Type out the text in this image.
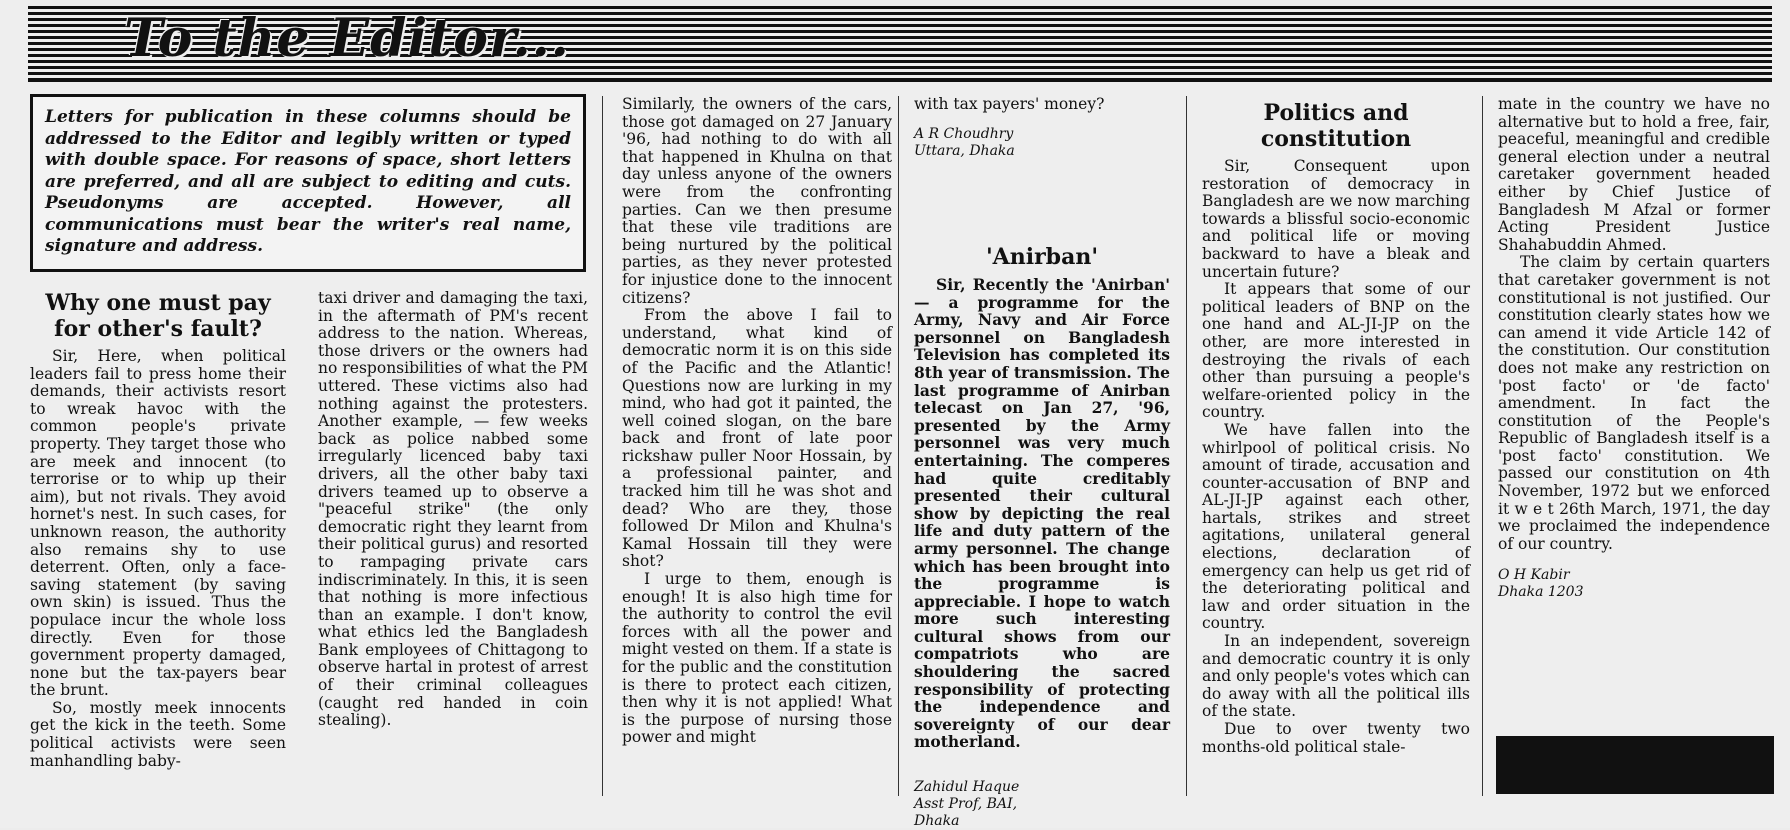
To the Editor...
Letters for publication in these columns should be addressed to the Editor and legibly written or typed with double space. For reasons of space, short letters are preferred, and all are subject to editing and cuts. Pseudonyms are accepted. However, all communications must bear the writer's real name, signature and address.
Why one must pay for other's fault?

Sir, Here, when political leaders fail to press home their demands, their activists resort to wreak havoc with the common people's private property. They target those who are meek and innocent (to terrorise or to whip up their aim), but not rivals. They avoid hornet's nest. In such cases, for unknown reason, the authority also remains shy to use deterrent. Often, only a face-saving statement (by saving own skin) is issued. Thus the populace incur the whole loss directly. Even for those government property damaged, none but the tax-payers bear the brunt.

So, mostly meek innocents get the kick in the teeth. Some political activists were seen manhandling baby-

taxi driver and damaging the taxi, in the aftermath of PM's recent address to the nation. Whereas, those drivers or the owners had no responsibilities of what the PM uttered. These victims also had nothing against the protesters. Another example, — few weeks back as police nabbed some irregularly licenced baby taxi drivers, all the other baby taxi drivers teamed up to observe a "peaceful strike" (the only democratic right they learnt from their political gurus) and resorted to rampaging private cars indiscriminately. In this, it is seen that nothing is more infectious than an example. I don't know, what ethics led the Bangladesh Bank employees of Chittagong to observe hartal in protest of arrest of their criminal colleagues (caught red handed in coin stealing).

Similarly, the owners of the cars, those got damaged on 27 January '96, had nothing to do with all that happened in Khulna on that day unless anyone of the owners were from the confronting parties. Can we then presume that these vile traditions are being nurtured by the political parties, as they never protested for injustice done to the innocent citizens?

From the above I fail to understand, what kind of democratic norm it is on this side of the Pacific and the Atlantic! Questions now are lurking in my mind, who had got it painted, the well coined slogan, on the bare back and front of late poor rickshaw puller Noor Hossain, by a professional painter, and tracked him till he was shot and dead? Who are they, those followed Dr Milon and Khulna's Kamal Hossain till they were shot?

I urge to them, enough is enough! It is also high time for the authority to control the evil forces with all the power and might vested on them. If a state is for the public and the constitution is there to protect each citizen, then why it is not applied! What is the purpose of nursing those power and might

with tax payers' money?

A R Choudhry
Uttara, Dhaka
'Anirban'

Sir, Recently the 'Anirban' — a programme for the Army, Navy and Air Force personnel on Bangladesh Television has completed its 8th year of transmission. The last programme of Anirban telecast on Jan 27, '96, presented by the Army personnel was very much entertaining. The comperes had quite creditably presented their cultural show by depicting the real life and duty pattern of the army personnel. The change which has been brought into the programme is appreciable. I hope to watch more such interesting cultural shows from our compatriots who are shouldering the sacred responsibility of protecting the independence and sovereignty of our dear motherland.

Zahidul Haque
Asst Prof, BAI,
Dhaka
Politics and constitution

Sir, Consequent upon restoration of democracy in Bangladesh are we now marching towards a blissful socio-economic and political life or moving backward to have a bleak and uncertain future?

It appears that some of our political leaders of BNP on the one hand and AL-JI-JP on the other, are more interested in destroying the rivals of each other than pursuing a people's welfare-oriented policy in the country.

We have fallen into the whirlpool of political crisis. No amount of tirade, accusation and counter-accusation of BNP and AL-JI-JP against each other, hartals, strikes and street agitations, unilateral general elections, declaration of emergency can help us get rid of the deteriorating political and law and order situation in the country.

In an independent, sovereign and democratic country it is only and only people's votes which can do away with all the political ills of the state.

Due to over twenty two months-old political stale-

mate in the country we have no alternative but to hold a free, fair, peaceful, meaningful and credible general election under a neutral caretaker government headed either by Chief Justice of Bangladesh M Afzal or former Acting President Justice Shahabuddin Ahmed.

The claim by certain quarters that caretaker government is not constitutional is not justified. Our constitution clearly states how we can amend it vide Article 142 of the constitution. Our constitution does not make any restriction on 'post facto' or 'de facto' amendment. In fact the constitution of the People's Republic of Bangladesh itself is a 'post facto' constitution. We passed our constitution on 4th November, 1972 but we enforced it w e t 26th March, 1971, the day we proclaimed the independence of our country.

O H Kabir
Dhaka 1203
